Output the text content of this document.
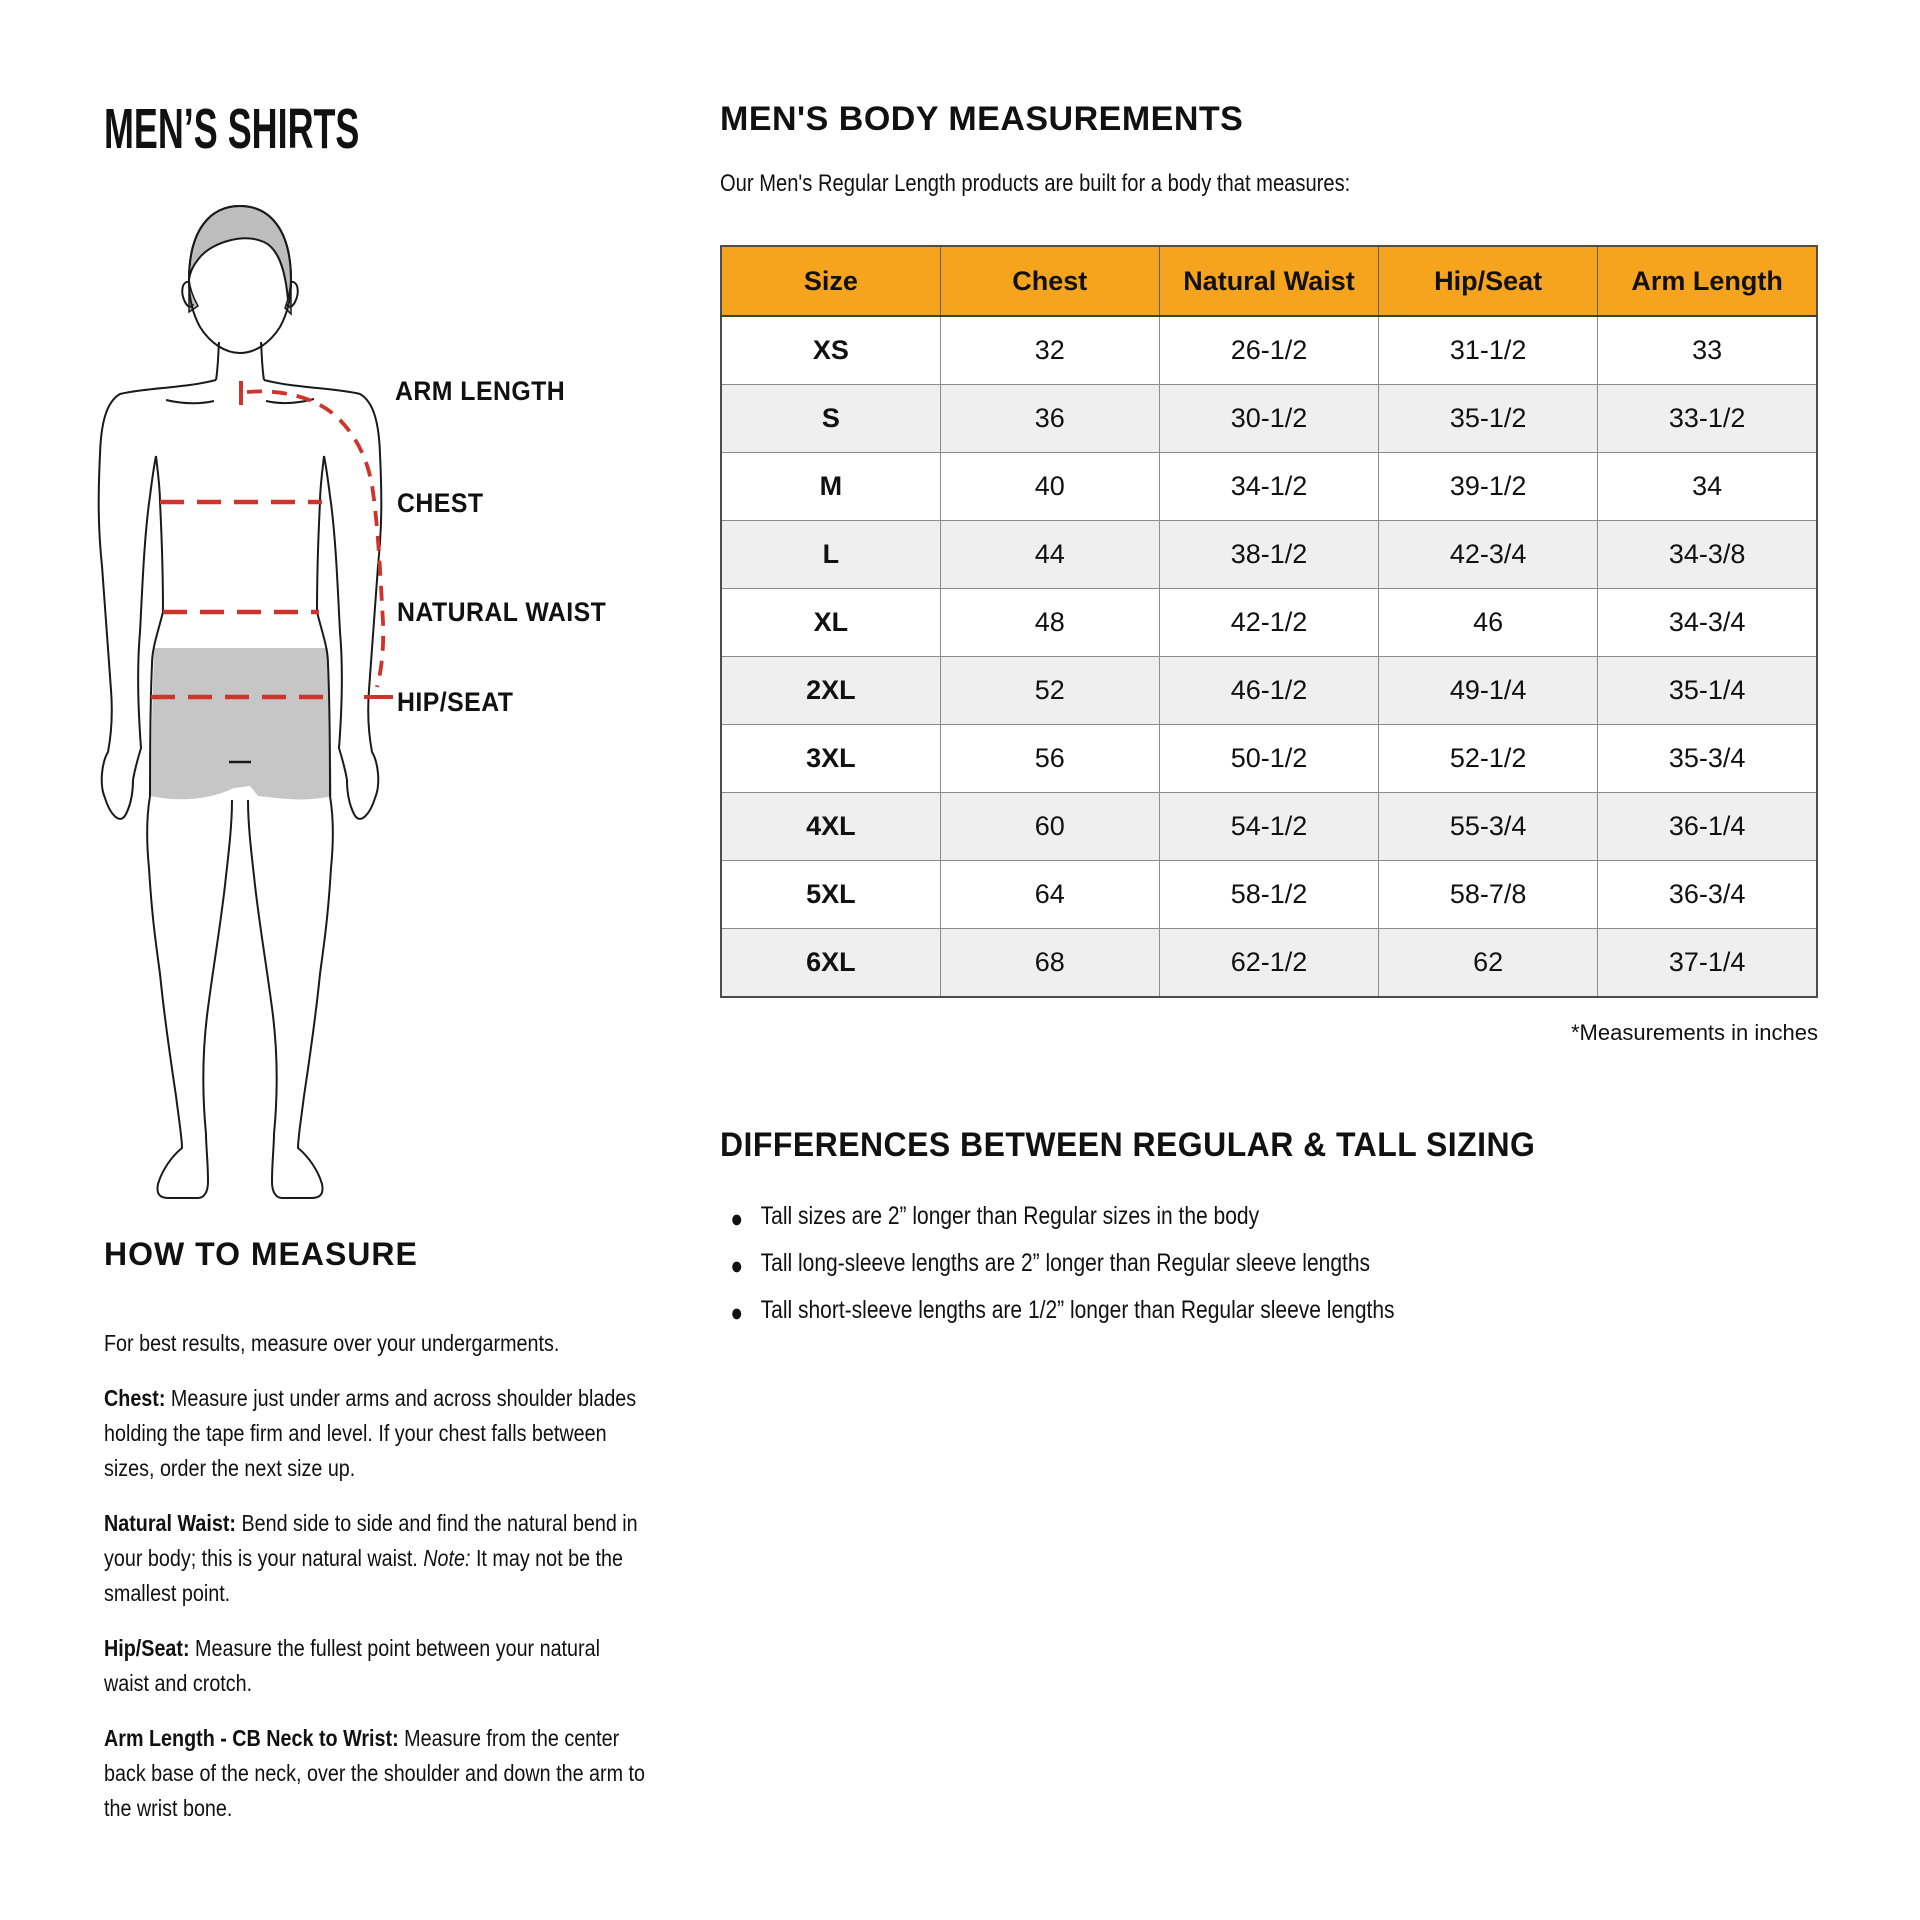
MEN’S SHIRTS
ARM LENGTH
CHEST
NATURAL WAIST
HIP/SEAT
MEN'S BODY MEASUREMENTS
Our Men's Regular Length products are built for a body that measures:
Size	Chest	Natural Waist	Hip/Seat	Arm Length
XS	32	26-1/2	31-1/2	33
S	36	30-1/2	35-1/2	33-1/2
M	40	34-1/2	39-1/2	34
L	44	38-1/2	42-3/4	34-3/8
XL	48	42-1/2	46	34-3/4
2XL	52	46-1/2	49-1/4	35-1/4
3XL	56	50-1/2	52-1/2	35-3/4
4XL	60	54-1/2	55-3/4	36-1/4
5XL	64	58-1/2	58-7/8	36-3/4
6XL	68	62-1/2	62	37-1/4
*Measurements in inches
DIFFERENCES BETWEEN REGULAR & TALL SIZING
● Tall sizes are 2” longer than Regular sizes in the body
● Tall long-sleeve lengths are 2” longer than Regular sleeve lengths
● Tall short-sleeve lengths are 1/2” longer than Regular sleeve lengths
HOW TO MEASURE

For best results, measure over your undergarments.

Chest: Measure just under arms and across shoulder blades holding the tape firm and level. If your chest falls between sizes, order the next size up.

Natural Waist: Bend side to side and find the natural bend in your body; this is your natural waist. Note: It may not be the smallest point.

Hip/Seat: Measure the fullest point between your natural waist and crotch.

Arm Length - CB Neck to Wrist: Measure from the center back base of the neck, over the shoulder and down the arm to the wrist bone.
